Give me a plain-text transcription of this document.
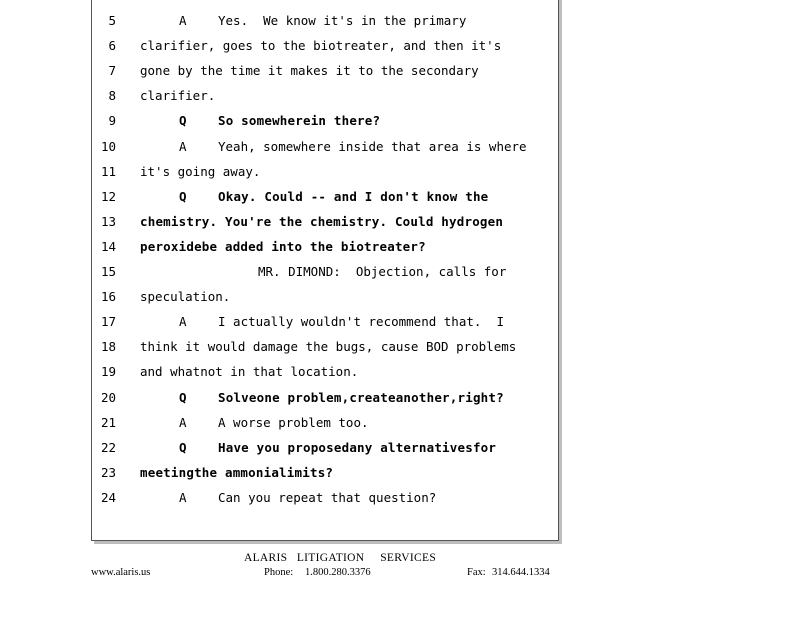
5	A	Yes.  We know it's in the primary
6 clarifier, goes to the biotreater, and then it's
7 gone by the time it makes it to the secondary
8 clarifier.
9	Q	So somewherein there?
10	A	Yeah, somewhere inside that area is where
11 it's going away.
12	Q	Okay. Could -- and I don't know the
13 chemistry. You're the chemistry. Could hydrogen
14 peroxidebe added into the biotreater?
15	MR. DIMOND:  Objection, calls for
16 speculation.
17	A	I actually wouldn't recommend that.  I
18 think it would damage the bugs, cause BOD problems
19 and whatnot in that location.
20	Q	Solveone problem,createanother,right?
21	A	A worse problem too.
22	Q	Have you proposedany alternativesfor
23 meetingthe ammonialimits?
24	A	Can you repeat that question?
ALARIS   LITIGATION     SERVICES
www.alaris.us	Phone: 1.800.280.3376	Fax: 314.644.1334
